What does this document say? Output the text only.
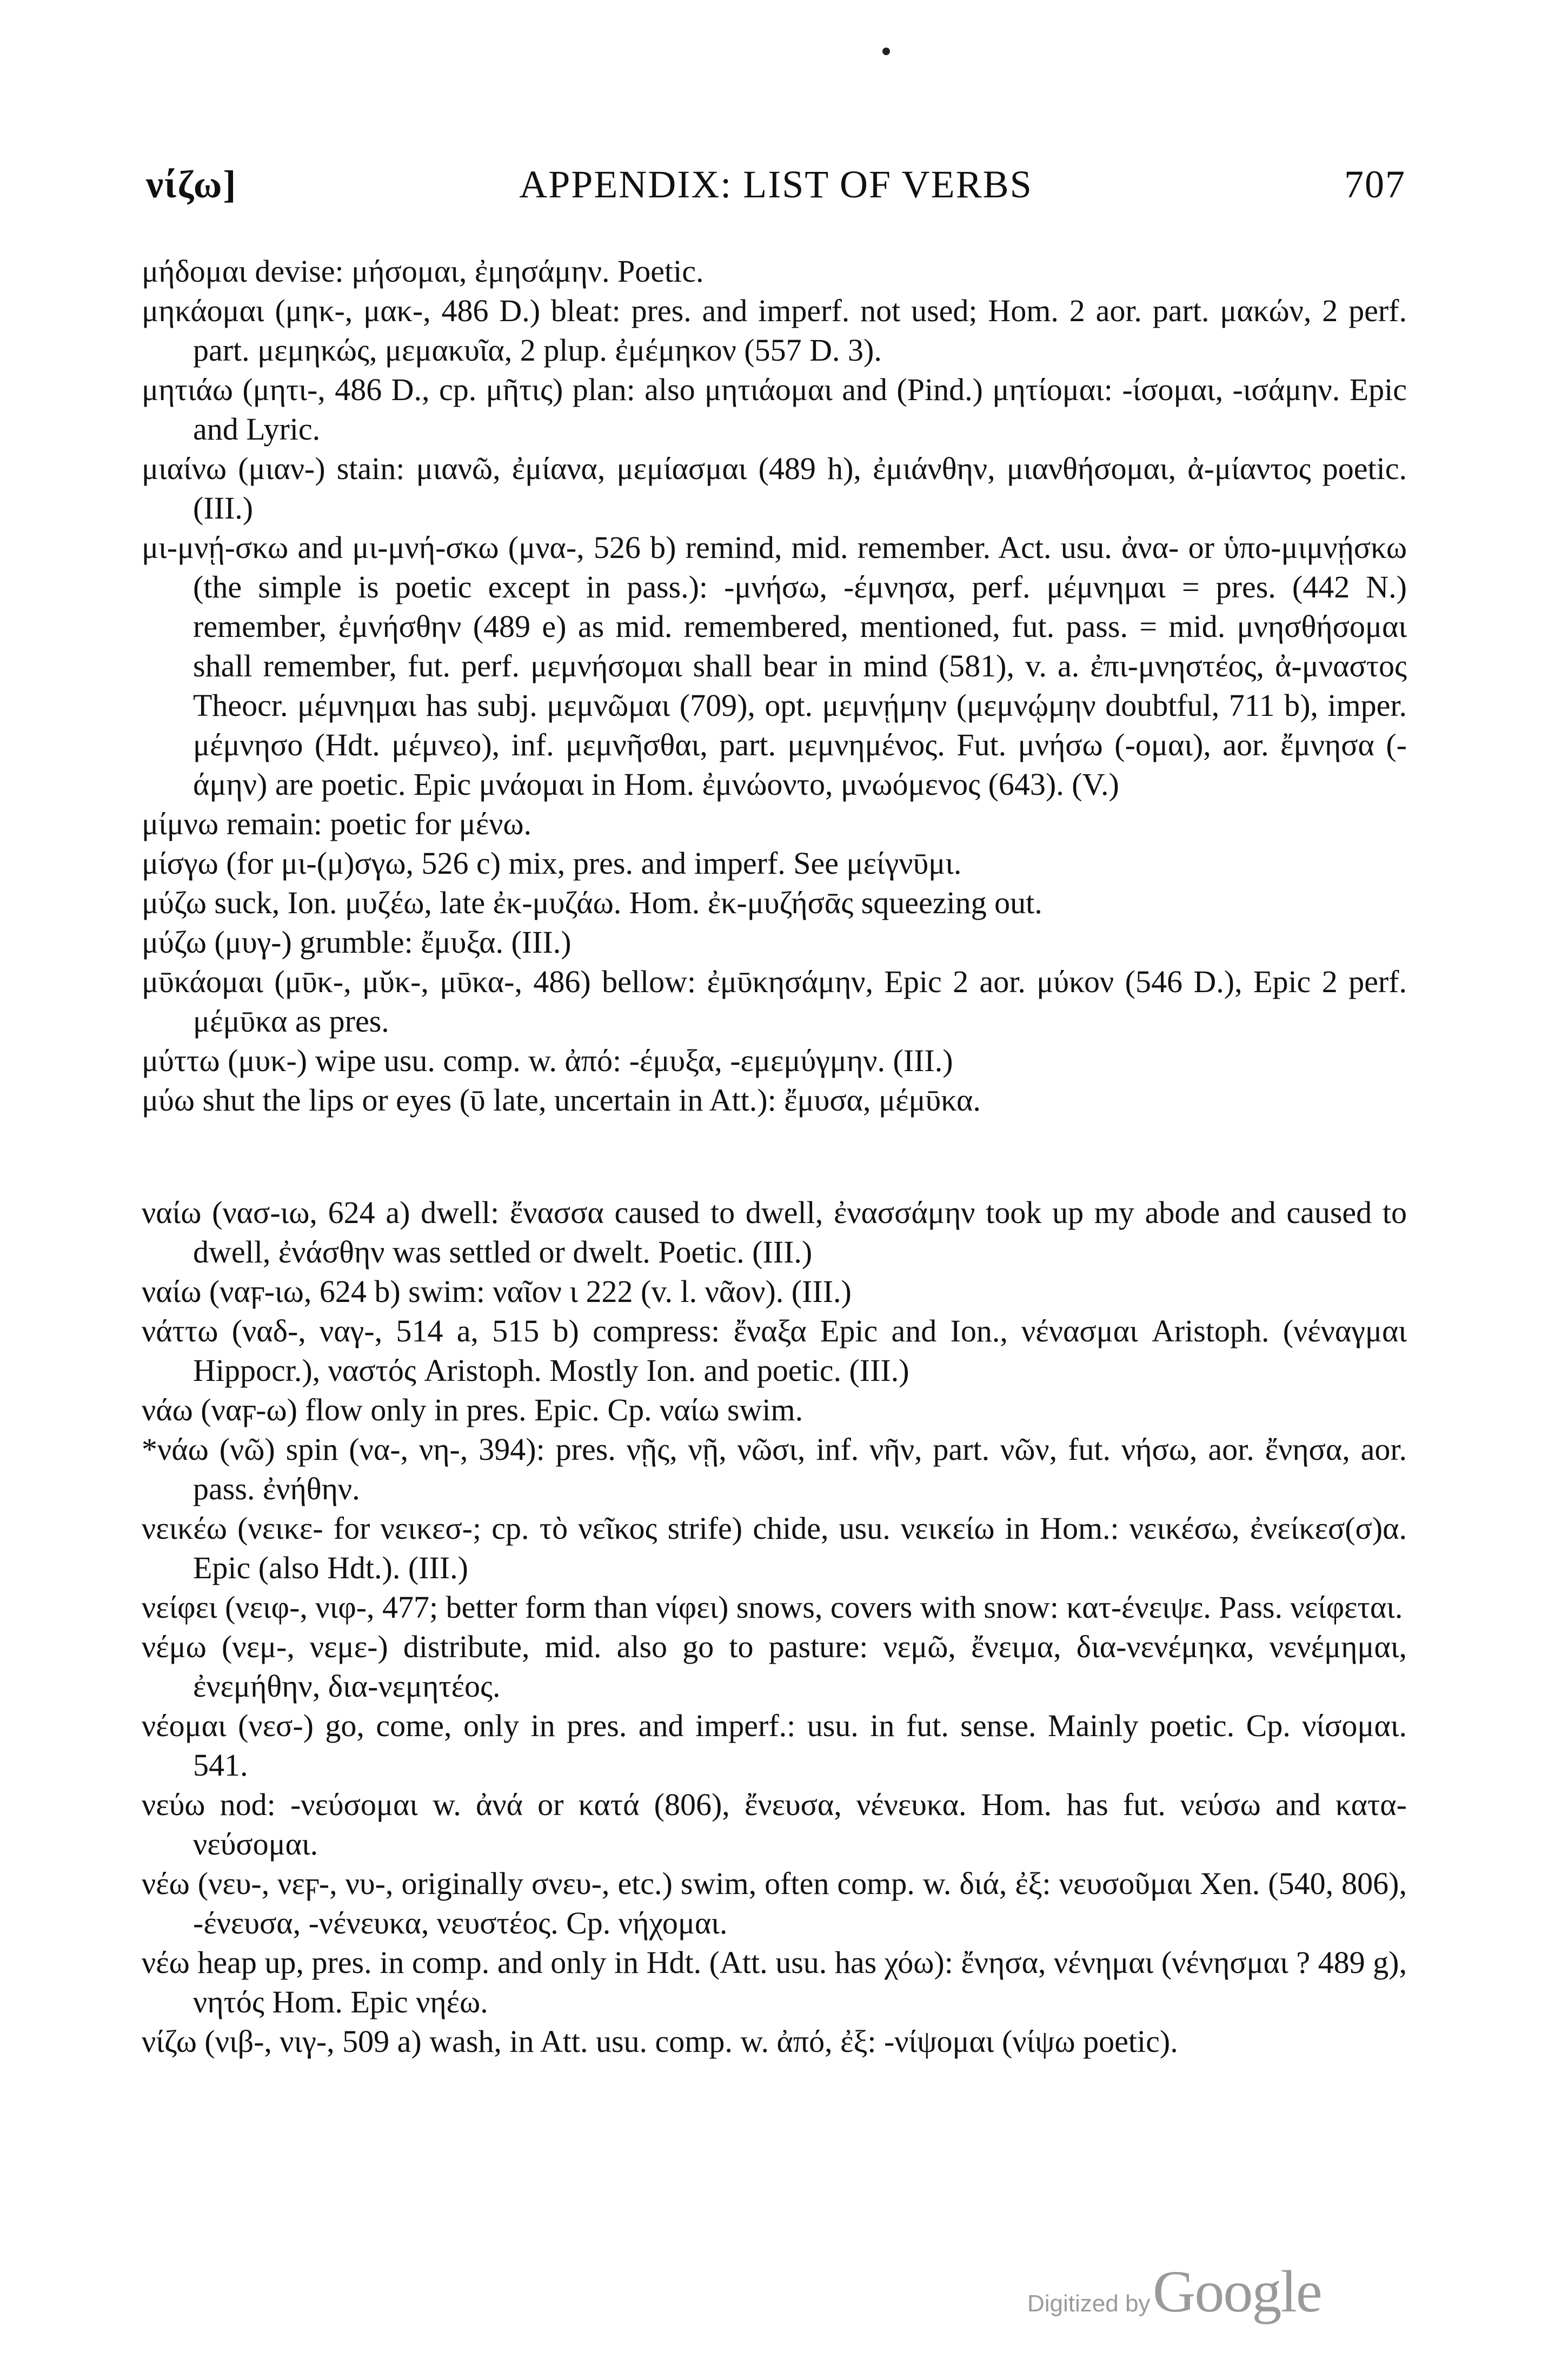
νίζω]	APPENDIX: LIST OF VERBS	707

μήδομαι devise: μήσομαι, ἐμησάμην. Poetic.

μηκάομαι (μηκ-, μακ-, 486 D.) bleat: pres. and imperf. not used; Hom. 2 aor. part. μακών, 2 perf. part. μεμηκώς, μεμακυῖα, 2 plup. ἐμέμηκον (557 D. 3).

μητιάω (μητι-, 486 D., cp. μῆτις) plan: also μητιάομαι and (Pind.) μητίομαι: -ίσομαι, -ισάμην. Epic and Lyric.

μιαίνω (μιαν-) stain: μιανῶ, ἐμίανα, μεμίασμαι (489 h), ἐμιάνθην, μιανθήσομαι, ἀ-μίαντος poetic. (III.)

μι-μνῄ-σκω and μι-μνή-σκω (μνα-, 526 b) remind, mid. remember. Act. usu. ἀνα- or ὑπο-μιμνῄσκω (the simple is poetic except in pass.): -μνήσω, -έμνησα, perf. μέμνημαι = pres. (442 N.) remember, ἐμνήσθην (489 e) as mid. remembered, mentioned, fut. pass. = mid. μνησθήσομαι shall remember, fut. perf. μεμνήσομαι shall bear in mind (581), v. a. ἐπι-μνηστέος, ἀ-μναστος Theocr. μέμνημαι has subj. μεμνῶμαι (709), opt. μεμνῄμην (μεμνῴμην doubtful, 711 b), imper. μέμνησο (Hdt. μέμνεο), inf. μεμνῆσθαι, part. μεμνημένος. Fut. μνήσω (-ομαι), aor. ἔμνησα (-άμην) are poetic. Epic μνάομαι in Hom. ἐμνώοντο, μνωόμενος (643). (V.)

μίμνω remain: poetic for μένω.

μίσγω (for μι-(μ)σγω, 526 c) mix, pres. and imperf. See μείγνῡμι.

μύζω suck, Ion. μυζέω, late ἐκ-μυζάω. Hom. ἐκ-μυζήσᾱς squeezing out.

μύζω (μυγ-) grumble: ἔμυξα. (III.)

μῡκάομαι (μῡκ-, μῠκ-, μῡκα-, 486) bellow: ἐμῡκησάμην, Epic 2 aor. μύκον (546 D.), Epic 2 perf. μέμῡκα as pres.

μύττω (μυκ-) wipe usu. comp. w. ἀπό: -έμυξα, -εμεμύγμην. (III.)

μύω shut the lips or eyes (ῡ late, uncertain in Att.): ἔμυσα, μέμῡκα.

ναίω (νασ-ιω, 624 a) dwell: ἔνασσα caused to dwell, ἐνασσάμην took up my abode and caused to dwell, ἐνάσθην was settled or dwelt. Poetic. (III.)

ναίω (ναϝ-ιω, 624 b) swim: ναῖον ι 222 (v. l. νᾶον). (III.)

νάττω (ναδ-, ναγ-, 514 a, 515 b) compress: ἔναξα Epic and Ion., νένασμαι Aristoph. (νέναγμαι Hippocr.), ναστός Aristoph. Mostly Ion. and poetic. (III.)

νάω (ναϝ-ω) flow only in pres. Epic. Cp. ναίω swim.

*νάω (νῶ) spin (να-, νη-, 394): pres. νῇς, νῇ, νῶσι, inf. νῆν, part. νῶν, fut. νήσω, aor. ἔνησα, aor. pass. ἐνήθην.

νεικέω (νεικε- for νεικεσ-; cp. τὸ νεῖκος strife) chide, usu. νεικείω in Hom.: νεικέσω, ἐνείκεσ(σ)α. Epic (also Hdt.). (III.)

νείφει (νειφ-, νιφ-, 477; better form than νίφει) snows, covers with snow: κατ-ένειψε. Pass. νείφεται.

νέμω (νεμ-, νεμε-) distribute, mid. also go to pasture: νεμῶ, ἔνειμα, δια-νενέμηκα, νενέμημαι, ἐνεμήθην, δια-νεμητέος.

νέομαι (νεσ-) go, come, only in pres. and imperf.: usu. in fut. sense. Mainly poetic. Cp. νίσομαι. 541.

νεύω nod: -νεύσομαι w. ἀνά or κατά (806), ἔνευσα, νένευκα. Hom. has fut. νεύσω and κατα-νεύσομαι.

νέω (νευ-, νεϝ-, νυ-, originally σνευ-, etc.) swim, often comp. w. διά, ἐξ: νευσοῦμαι Xen. (540, 806), -ένευσα, -νένευκα, νευστέος. Cp. νήχομαι.

νέω heap up, pres. in comp. and only in Hdt. (Att. usu. has χόω): ἔνησα, νένημαι (νένησμαι ? 489 g), νητός Hom. Epic νηέω.

νίζω (νιβ-, νιγ-, 509 a) wash, in Att. usu. comp. w. ἀπό, ἐξ: -νίψομαι (νίψω poetic).

Digitized by Google
